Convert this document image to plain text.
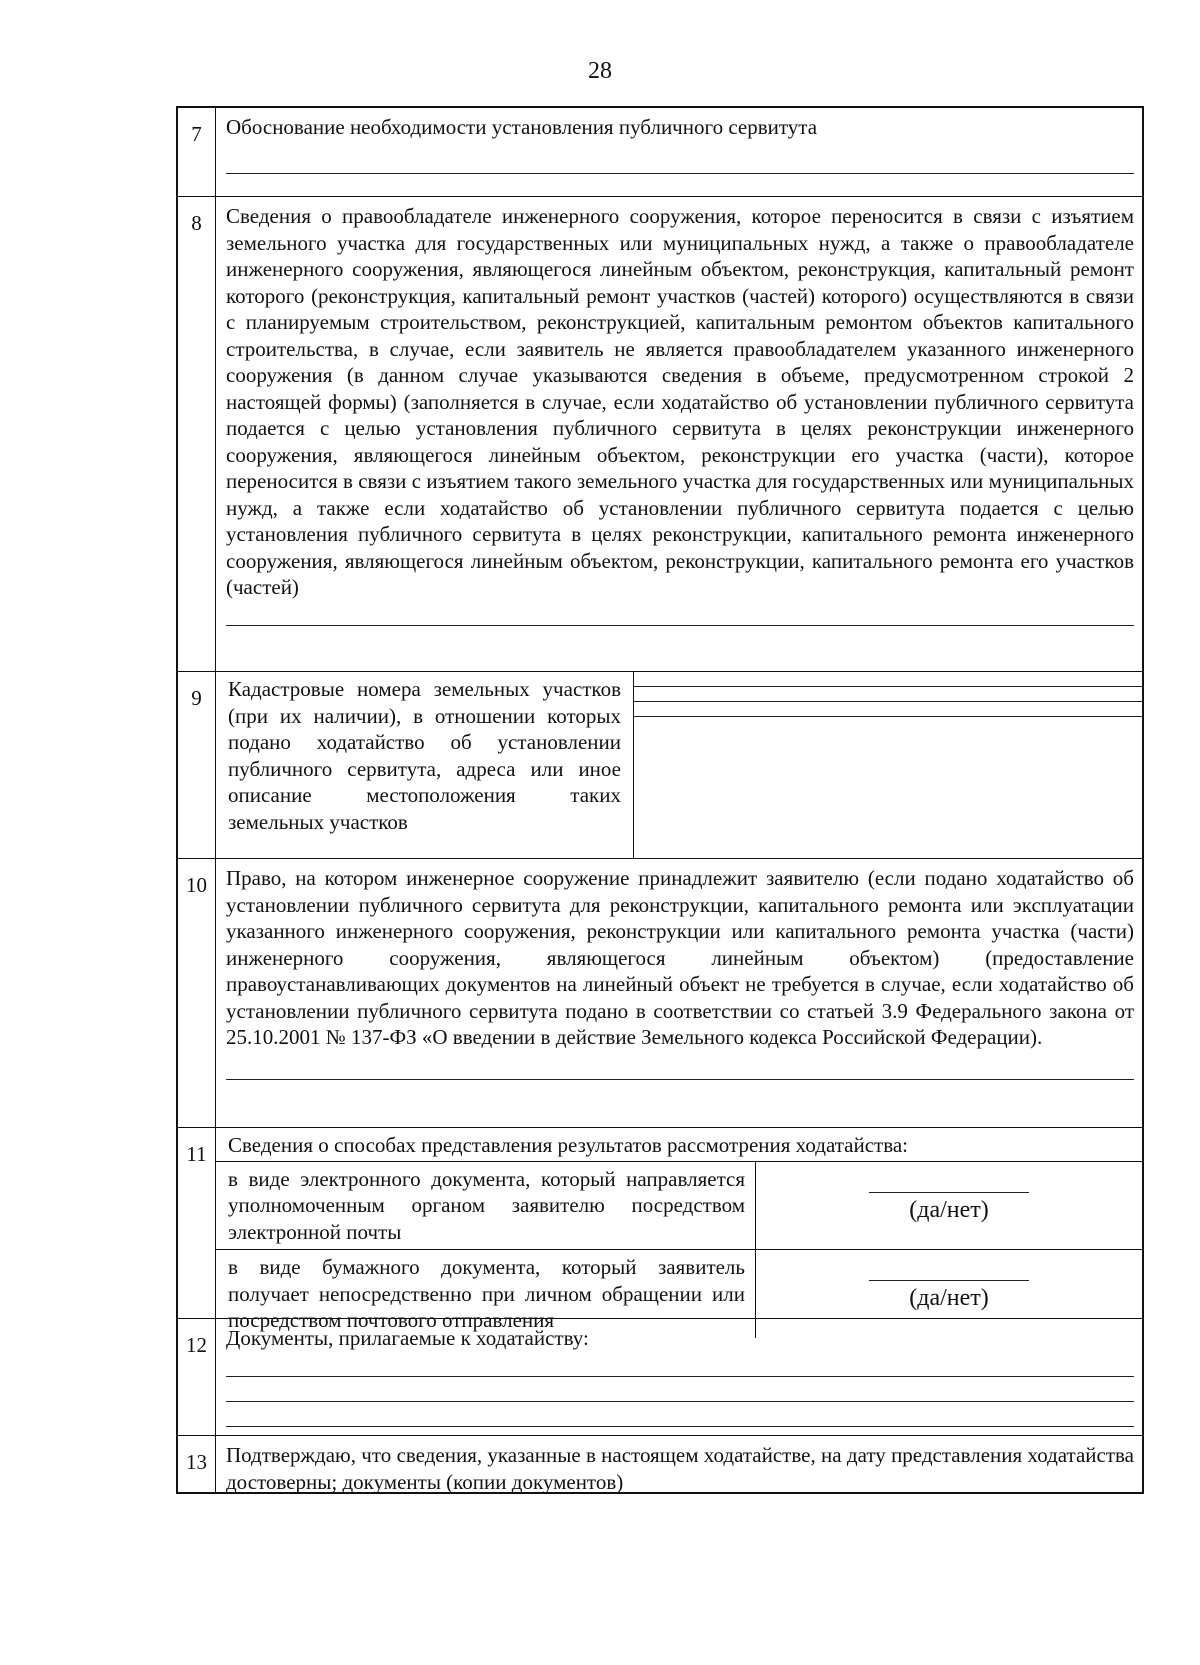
28
7	Обоснование необходимости установления публичного сервитута
8	Сведения о правообладателе инженерного сооружения, которое переносится в связи с изъятием земельного участка для государственных или муниципальных нужд, а также о правообладателе инженерного сооружения, являющегося линейным объектом, реконструкция, капитальный ремонт которого (реконструкция, капитальный ремонт участков (частей) которого) осуществляются в связи с планируемым строительством, реконструкцией, капитальным ремонтом объектов капитального строительства, в случае, если заявитель не является правообладателем указанного инженерного сооружения (в данном случае указываются сведения в объеме, предусмотренном строкой 2 настоящей формы) (заполняется в случае, если ходатайство об установлении публичного сервитута подается с целью установления публичного сервитута в целях реконструкции инженерного сооружения, являющегося линейным объектом, реконструкции его участка (части), которое переносится в связи с изъятием такого земельного участка для государственных или муниципальных нужд, а также если ходатайство об установлении публичного сервитута подается с целью установления публичного сервитута в целях реконструкции, капитального ремонта инженерного сооружения, являющегося линейным объектом, реконструкции, капитального ремонта его участков (частей)
9	Кадастровые номера земельных участков (при их наличии), в отношении которых подано ходатайство об установлении публичного сервитута, адреса или иное описание местоположения таких земельных участков
10 Право, на котором инженерное сооружение принадлежит заявителю (если подано ходатайство об установлении публичного сервитута для реконструкции, капитального ремонта или эксплуатации указанного инженерного сооружения, реконструкции или капитального ремонта участка (части) инженерного сооружения, являющегося линейным объектом) (предоставление правоустанавливающих документов на линейный объект не требуется в случае, если ходатайство об установлении публичного сервитута подано в соответствии со статьей 3.9 Федерального закона от 25.10.2001 № 137-ФЗ «О введении в действие Земельного кодекса Российской Федерации).
11	Сведения о способах представления результатов рассмотрения ходатайства:
в виде электронного документа, который направляется уполномоченным органом заявителю посредством электронной почты
(да/нет)
в виде бумажного документа, который заявитель получает непосредственно при личном обращении или посредством почтового отправления
(да/нет)
12 Документы, прилагаемые к ходатайству:
13 Подтверждаю, что сведения, указанные в настоящем ходатайстве, на дату представления ходатайства достоверны; документы (копии документов)
